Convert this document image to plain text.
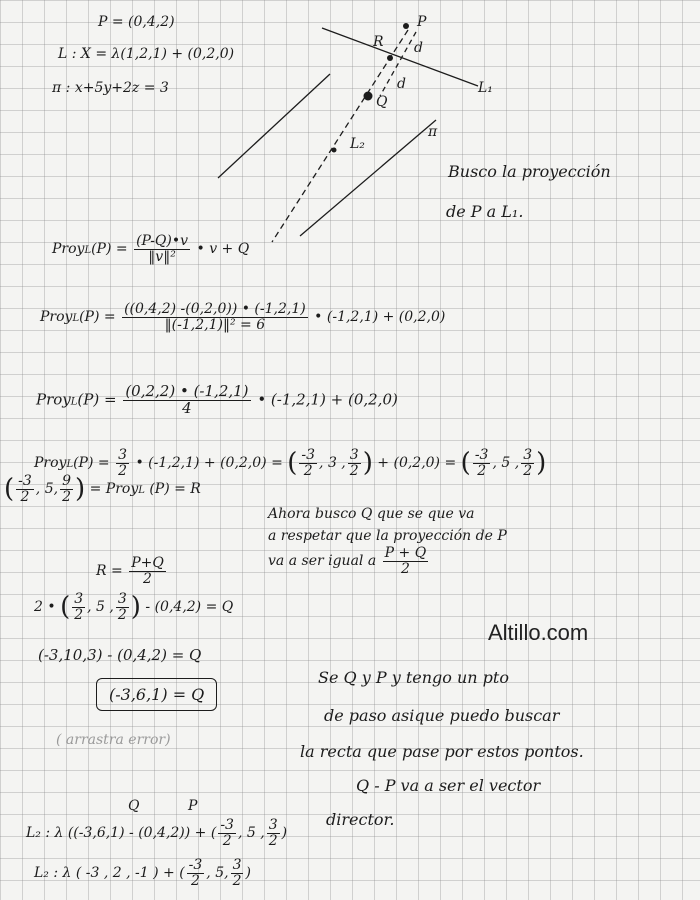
P = (0,4,2)
L : X = λ(1,2,1) + (0,2,0)
π : x+5y+2z = 3
P
R
Q
d
d	L₁
L₂
π
Busco la proyección
de P a L₁.
ProyL(P) = $\frac{(P-Q)•v}{\text{‖v‖²}}$ • v + Q
ProyL(P) = $\frac{((0,4,2) -(0,2,0)) • (-1,2,1)}{\text{‖(-1,2,1)‖² = 6}}$ • (-1,2,1) + (0,2,0)
ProyL(P) = $\frac{(0,2,2) • (-1,2,1)}{4}$ • (-1,2,1) + (0,2,0)
ProyL(P) = $\frac{3}{2}$ • (-1,2,1) + (0,2,0) = ( $\frac{-3}{2}$ , 3 , $\frac{3}{2}$ ) + (0,2,0) = ( $\frac{-3}{2}$ , 5 , $\frac{3}{2}$ )
( $\frac{-3}{2}$ , 5, $\frac{9}{2}$ ) = ProyL (P) = R
Ahora busco Q que se que va
a respetar que la proyección de P
va a ser igual a $\frac{P + Q}{2}$
$R = \frac{P+Q}{2}$
2 • ( $\frac{3}{2}$ , 5 , $\frac{3}{2}$ ) - (0,4,2) = Q
Altillo.com
(-3,10,3) - (0,4,2) = Q
(-3,6,1) = Q
( arrastra error)
Se Q y P y tengo un pto
de paso asique puedo buscar
la recta que pase por estos pontos.
Q - P va a ser el vector
director.
Q	P
L₂ : λ ((-3,6,1) - (0,4,2)) + ( $\frac{-3}{2}$ , 5 , $\frac{3}{2}$ )
L₂ : λ ( -3 , 2 , -1 ) + ( $\frac{-3}{2}$ , 5, $\frac{3}{2}$ )
